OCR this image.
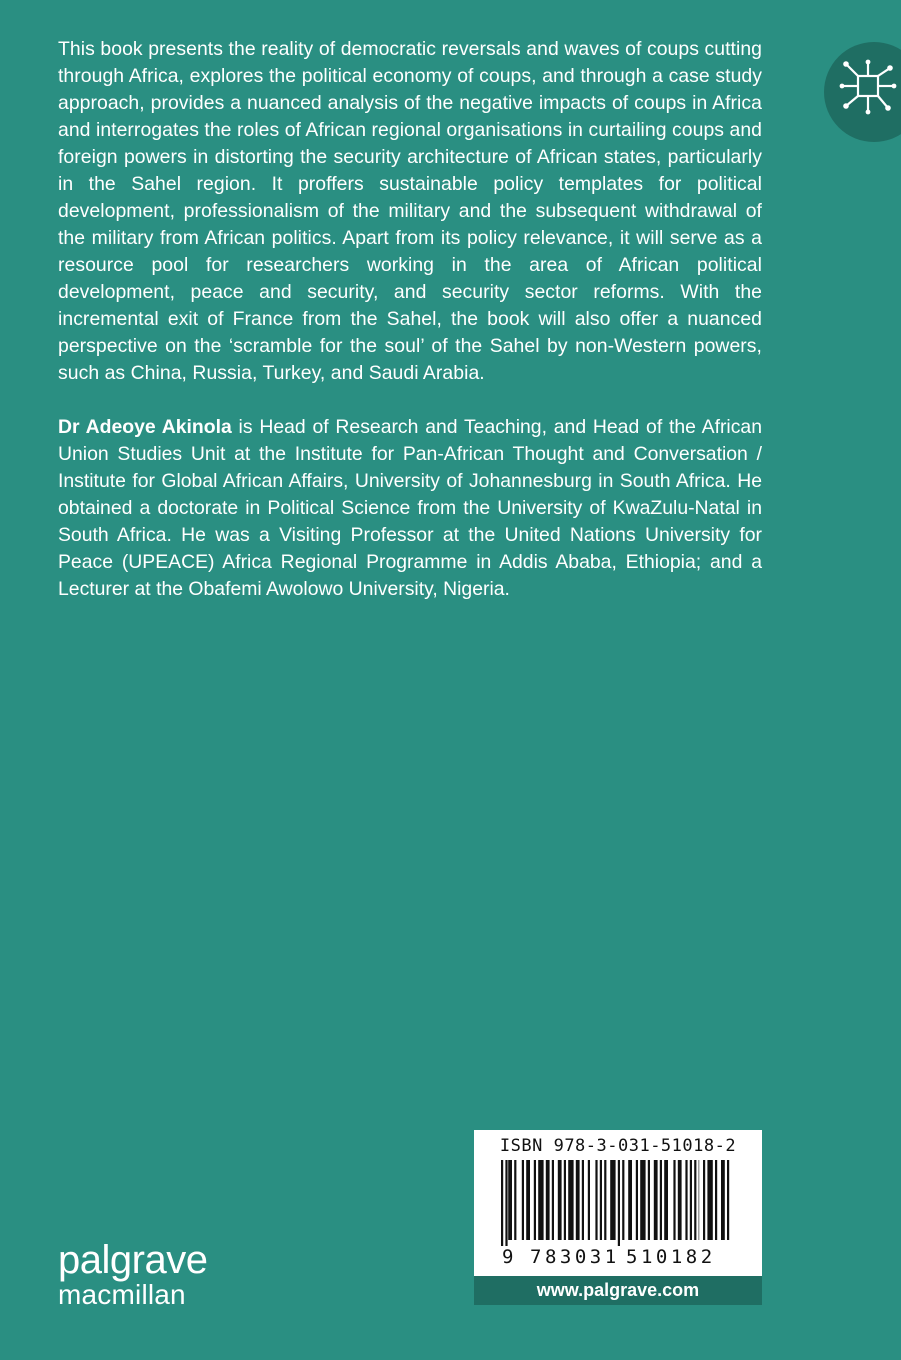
This book presents the reality of democratic reversals and waves of coups cutting through Africa, explores the political economy of coups, and through a case study approach, provides a nuanced analysis of the negative impacts of coups in Africa and interrogates the roles of African regional organisations in curtailing coups and foreign powers in distorting the security architecture of African states, particularly in the Sahel region. It proffers sustainable policy templates for political development, professionalism of the military and the subsequent withdrawal of the military from African politics. Apart from its policy relevance, it will serve as a resource pool for researchers working in the area of African political development, peace and security, and security sector reforms. With the incremental exit of France from the Sahel, the book will also offer a nuanced perspective on the ‘scramble for the soul’ of the Sahel by non-Western powers, such as China, Russia, Turkey, and Saudi Arabia.

Dr Adeoye Akinola is Head of Research and Teaching, and Head of the African Union Studies Unit at the Institute for Pan-African Thought and Conversation / Institute for Global African Affairs, University of Johannesburg in South Africa. He obtained a doctorate in Political Science from the University of KwaZulu-Natal in South Africa. He was a Visiting Professor at the United Nations University for Peace (UPEACE) Africa Regional Programme in Addis Ababa, Ethiopia; and a Lecturer at the Obafemi Awolowo University, Nigeria.

palgrave
macmillan
ISBN 978-3-031-51018-2
9 783031 510182
www.palgrave.com
